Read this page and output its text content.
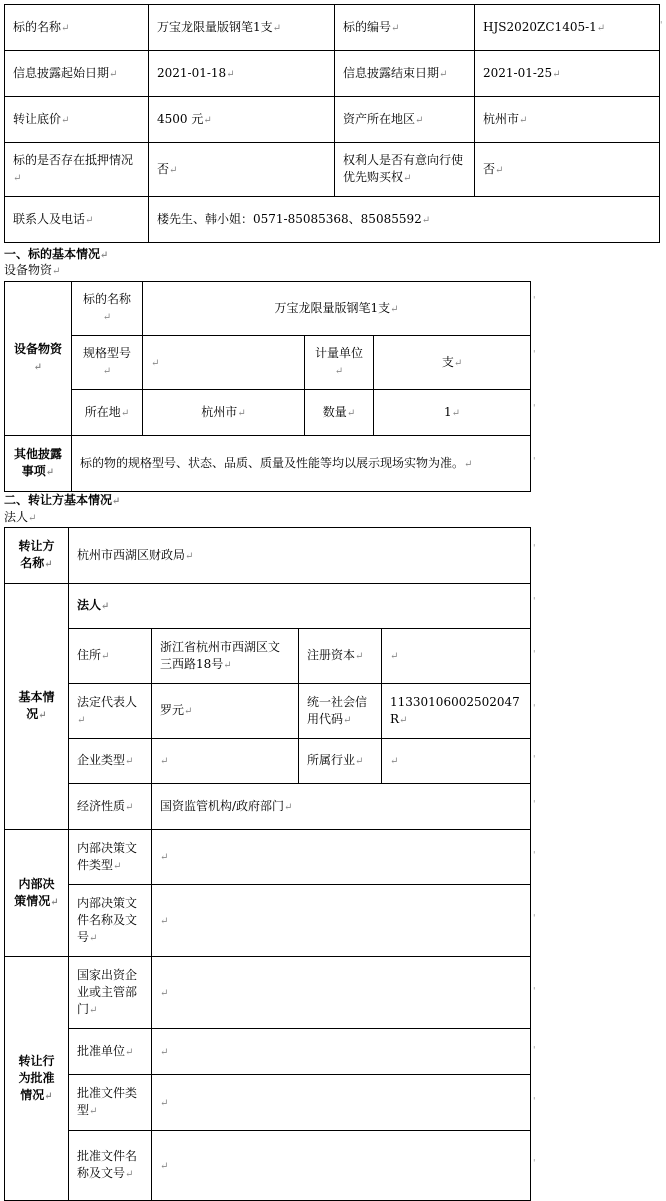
标的名称↵	万宝龙限量版钢笔1支↵	标的编号↵	HJS2020ZC1405-1↵
信息披露起始日期↵	2021-01-18↵	信息披露结束日期↵	2021-01-25↵
转让底价↵	4500 元↵	资产所在地区↵	杭州市↵
标的是否存在抵押情况↵	否↵	权利人是否有意向行使优先购买权↵	否↵
联系人及电话↵	楼先生、韩小姐：0571-85085368、85085592↵		
一、标的基本情况↵
设备物资↵
设备物资↵	标的名称↵	万宝龙限量版钢笔1支↵		
	规格型号↵	↵	计量单位↵	支↵
	所在地↵	杭州市↵	数量↵	1↵
其他披露事项↵	标的物的规格型号、状态、品质、质量及性能等均以展示现场实物为准。↵			
二、转让方基本情况↵
法人↵
转让方名称↵	杭州市西湖区财政局↵			
基本情况↵	法人↵			
	住所↵	浙江省杭州市西湖区文三西路18号↵	注册资本↵	↵
	法定代表人↵	罗元↵	统一社会信用代码↵	11330106002502047R↵
	企业类型↵	↵	所属行业↵	↵
	经济性质↵	国资监管机构/政府部门↵		
内部决策情况↵	内部决策文件类型↵	↵		
	内部决策文件名称及文号↵	↵		
转让行为批准情况↵	国家出资企业或主管部门↵	↵		
	批准单位↵	↵		
	批准文件类型↵	↵		
	批准文件名称及文号↵	↵		
'
'
'
'
'
'
'
'
'
'
'
'
'
'
'
'
'
